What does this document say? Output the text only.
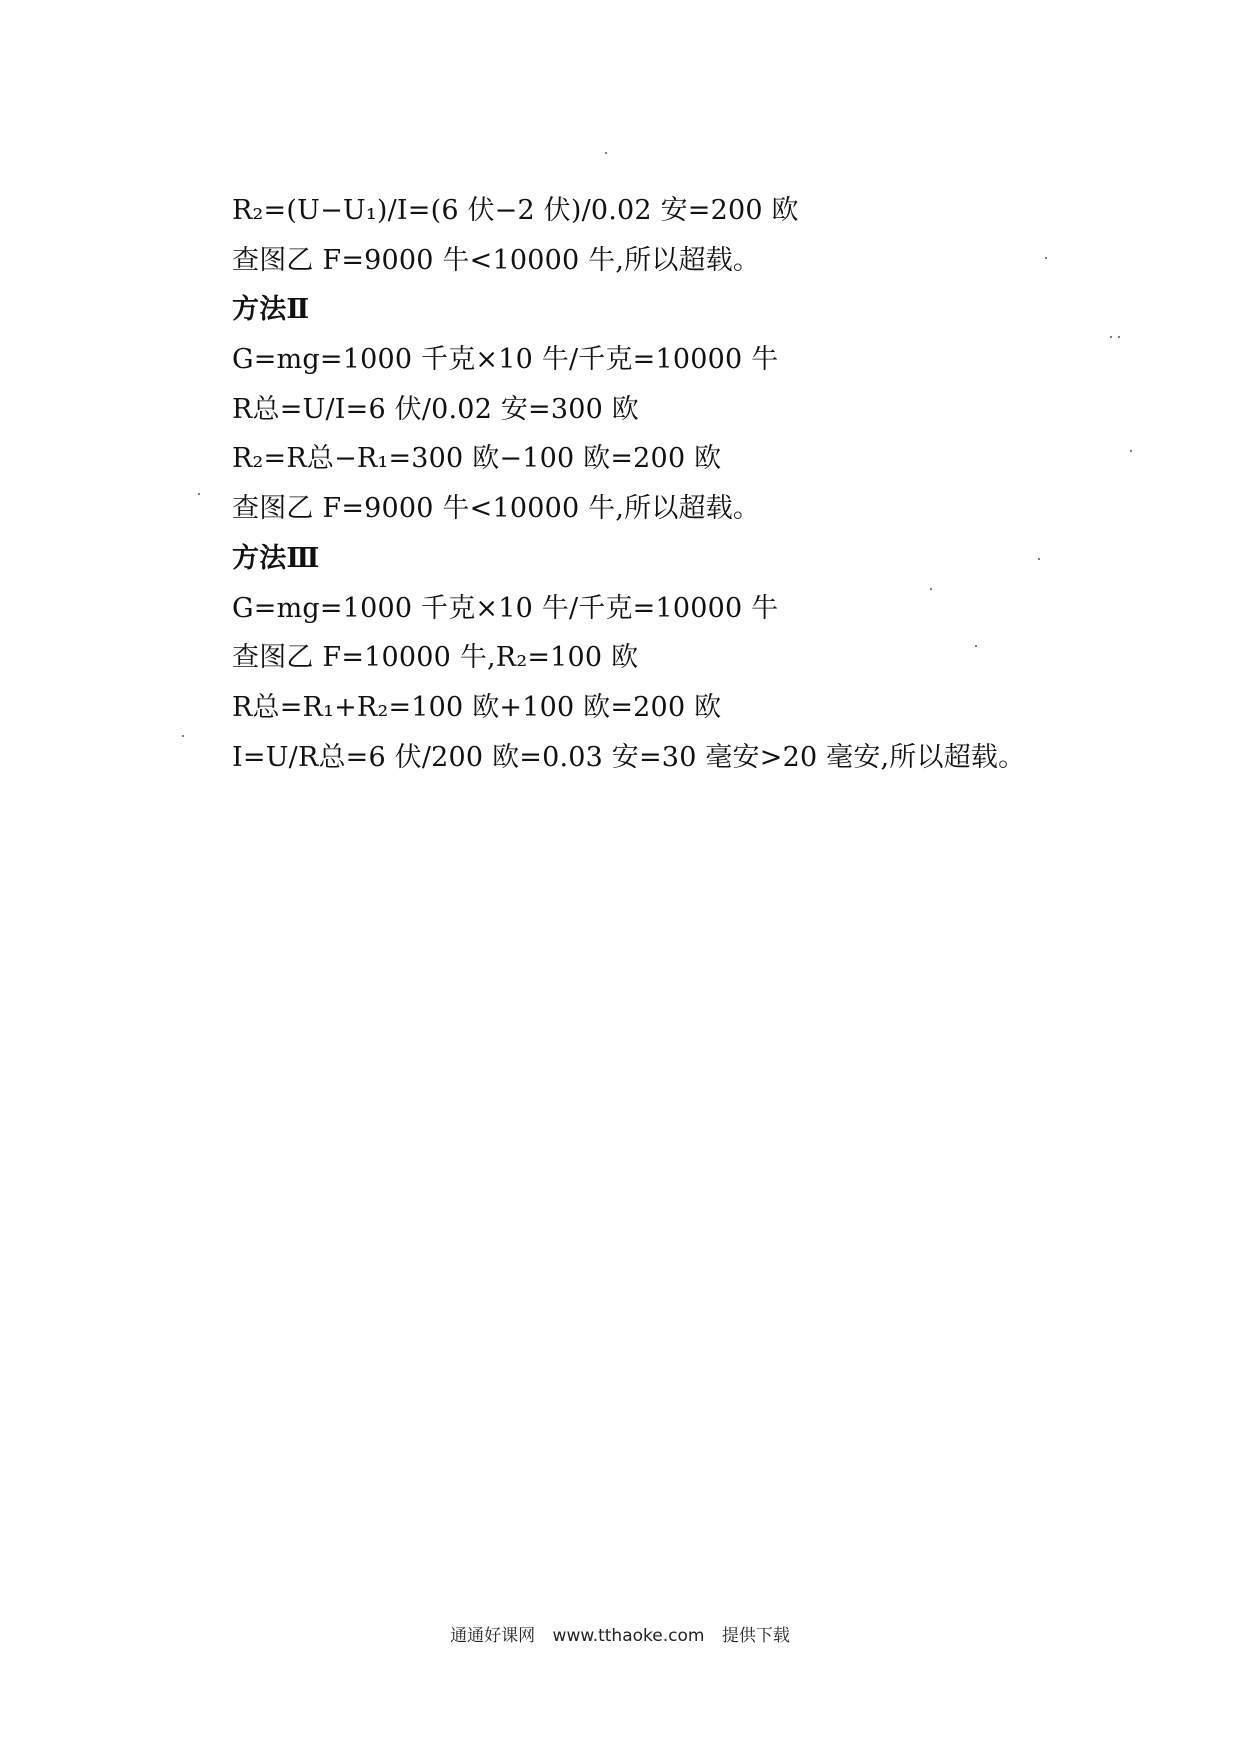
R₂=(U−U₁)/I=(6 伏−2 伏)/0.02 安=200 欧
查图乙 F=9000 牛<10000 牛,所以超载。
方法Ⅱ
G=mg=1000 千克×10 牛/千克=10000 牛
R总=U/I=6 伏/0.02 安=300 欧
R₂=R总−R₁=300 欧−100 欧=200 欧
查图乙 F=9000 牛<10000 牛,所以超载。
方法Ⅲ
G=mg=1000 千克×10 牛/千克=10000 牛
查图乙 F=10000 牛,R₂=100 欧
R总=R₁+R₂=100 欧+100 欧=200 欧
I=U/R总=6 伏/200 欧=0.03 安=30 毫安>20 毫安,所以超载。
通通好课网 www.tthaoke.com 提供下载
